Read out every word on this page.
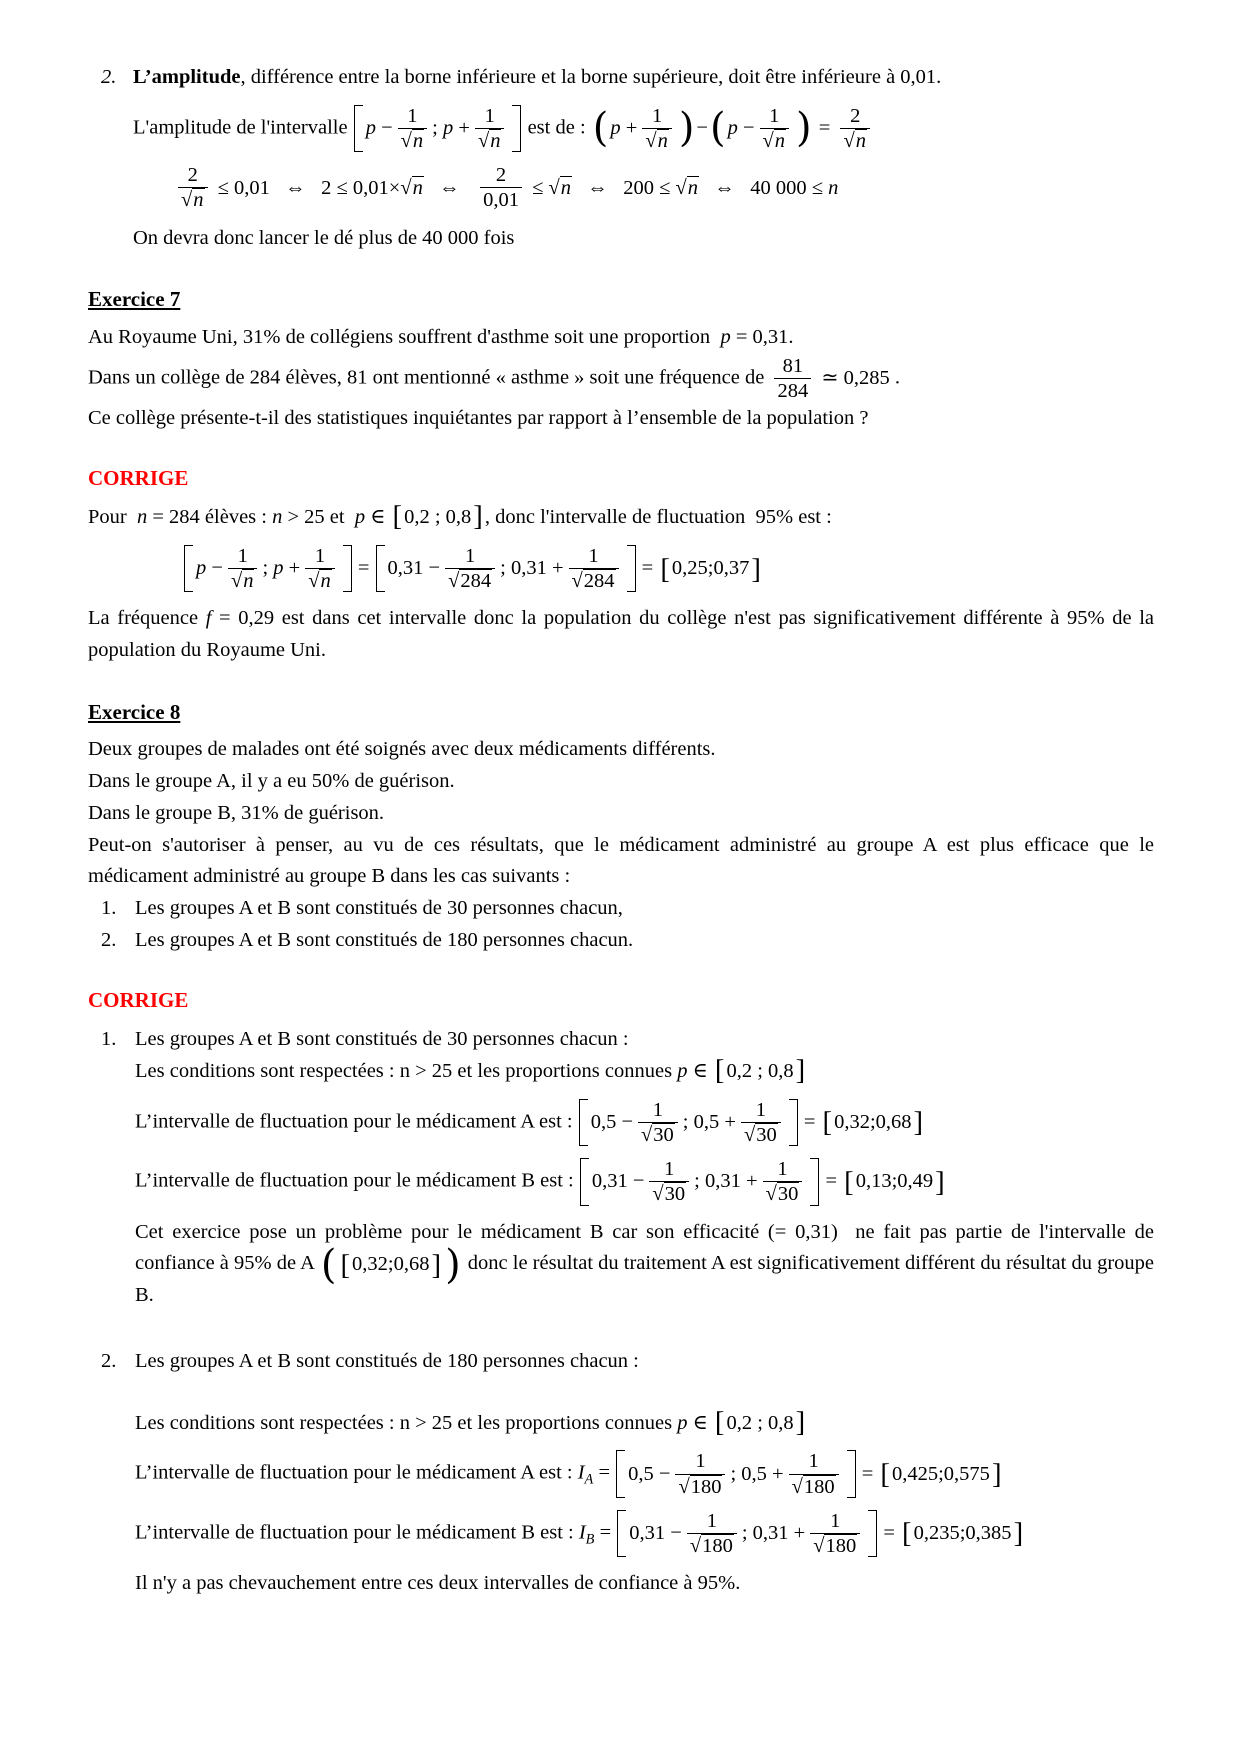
2. L’amplitude, différence entre la borne inférieure et la borne supérieure, doit être inférieure à 0,01.

L'amplitude de l'intervalle $p - \frac{1}{√n}$ ; $p + \frac{1}{√n}$ est de : ( $p + \frac{1}{√n}$ ) − ( $p - \frac{1}{√n}$ ) = $\frac{2}{√n}$
$\frac{2}{√n} \le 0,01$   ⇔   2 ≤ 0,01×√n   ⇔ $\frac{2}{0,01} \le √n$   ⇔   200 ≤ √n   ⇔   40 000 ≤ n

On devra donc lancer le dé plus de 40 000 fois

Exercice 7

Au Royaume Uni, 31% de collégiens souffrent d'asthme soit une proportion  p = 0,31.

Dans un collège de 284 élèves, 81 ont mentionné « asthme » soit une fréquence de $\frac{81}{284}$ ≃ 0,285 .

Ce collège présente-t-il des statistiques inquiétantes par rapport à l’ensemble de la population ?

CORRIGE

Pour  n = 284 élèves : n > 25 et  p ∈ [0,2 ; 0,8], donc l'intervalle de fluctuation  95% est :

$p - \frac{1}{√n}$ ; $p + \frac{1}{√n} = 0,31 - \frac{1}{√284}$ ; $0,31 + \frac{1}{√284}$ = [ 0,25;0,37 ]

La fréquence f = 0,29 est dans cet intervalle donc la population du collège n'est pas significativement différente à 95% de la population du Royaume Uni.

Exercice 8

Deux groupes de malades ont été soignés avec deux médicaments différents.

Dans le groupe A, il y a eu 50% de guérison.

Dans le groupe B, 31% de guérison.

Peut-on s'autoriser à penser, au vu de ces résultats, que le médicament administré au groupe A est plus efficace que le médicament administré au groupe B dans les cas suivants :

1. Les groupes A et B sont constitués de 30 personnes chacun,

2. Les groupes A et B sont constitués de 180 personnes chacun.

CORRIGE
1. Les groupes A et B sont constitués de 30 personnes chacun :

Les conditions sont respectées : n > 25 et les proportions connues p ∈ [0,2 ; 0,8]

L’intervalle de fluctuation pour le médicament A est : $0,5 - \frac{1}{√30}$ ; $0,5 + \frac{1}{√30}$ = [ 0,32;0,68 ]
L’intervalle de fluctuation pour le médicament B est : $0,31 - \frac{1}{√30}$ ; $0,31 + \frac{1}{√30}$ = [ 0,13;0,49 ]

Cet exercice pose un problème pour le médicament B car son efficacité (= 0,31)  ne fait pas partie de l'intervalle de confiance à 95% de A ( [ 0,32;0,68 ] ) donc le résultat du traitement A est significativement différent du résultat du groupe B.

2. Les groupes A et B sont constitués de 180 personnes chacun :

Les conditions sont respectées : n > 25 et les proportions connues p ∈ [0,2 ; 0,8]

L’intervalle de fluctuation pour le médicament A est : $I_A = 0,5 - \frac{1}{√180}$ ; $0,5 + \frac{1}{√180}$ = [ 0,425;0,575 ]
L’intervalle de fluctuation pour le médicament B est : $I_B = 0,31 - \frac{1}{√180}$ ; $0,31 + \frac{1}{√180}$ = [ 0,235;0,385 ]

Il n'y a pas chevauchement entre ces deux intervalles de confiance à 95%.
